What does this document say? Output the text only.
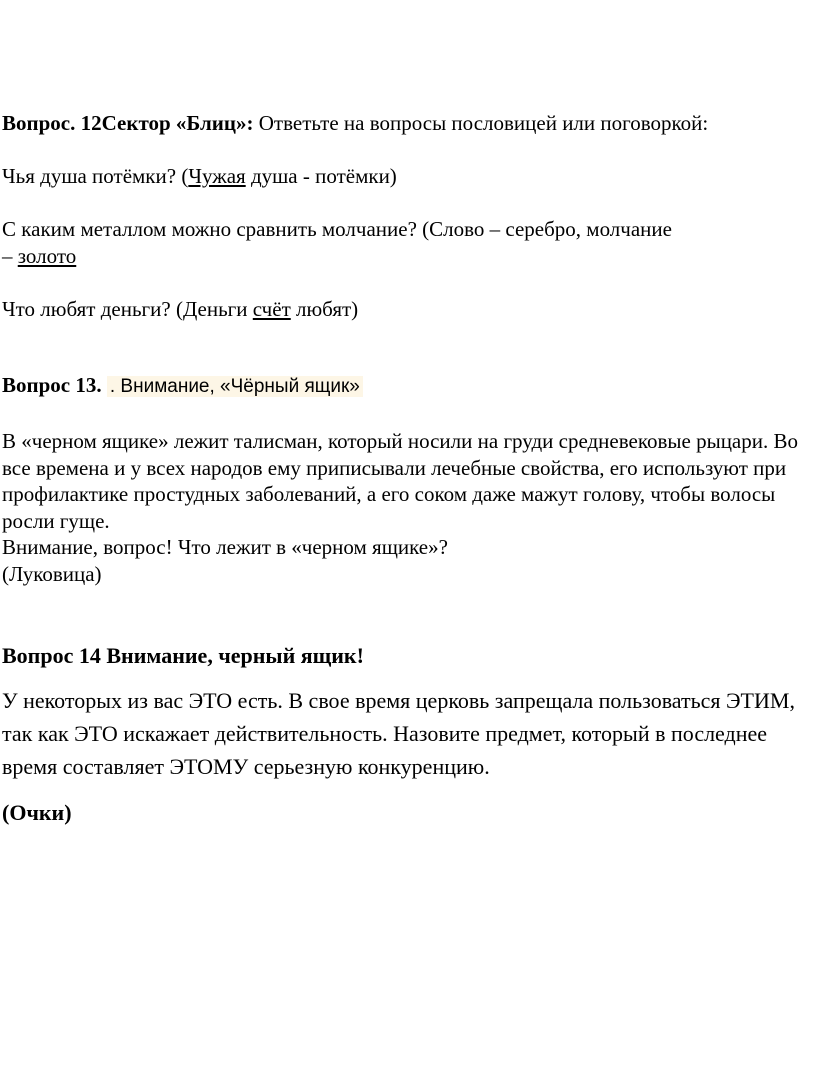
Вопрос. 12Сектор «Блиц»: Ответьте на вопросы пословицей или поговоркой:
Чья душа потёмки? (Чужая душа - потёмки)
С каким металлом можно сравнить молчание? (Слово – серебро, молчание
– золото
Что любят деньги? (Деньги счёт любят)
Вопрос 13. . Внимание, «Чёрный ящик»
В «черном ящике» лежит талисман, который носили на груди средневековые рыцари. Во все времена и у всех народов ему приписывали лечебные свойства, его используют при профилактике простудных заболеваний, а его соком даже мажут голову, чтобы волосы росли гуще.
Внимание, вопрос! Что лежит в «черном ящике»?
(Луковица)
Вопрос 14 Внимание, черный ящик!
У некоторых из вас ЭТО есть. В свое время церковь запрещала пользоваться ЭТИМ, так как ЭТО искажает действительность. Назовите предмет, который в последнее время составляет ЭТОМУ серьезную конкуренцию.
(Очки)
